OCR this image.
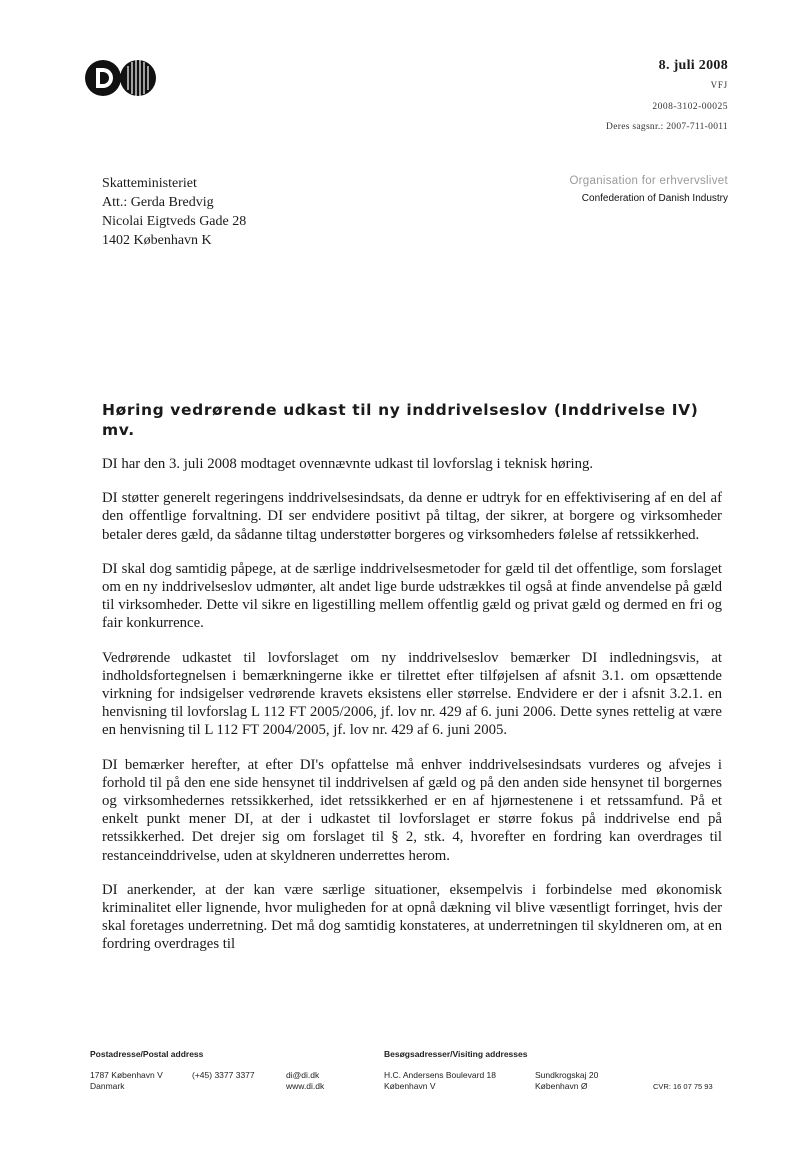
8. juli 2008
VFJ
2008-3102-00025
Deres sagsnr.: 2007-711-0011
Skatteministeriet
Att.: Gerda Bredvig
Nicolai Eigtveds Gade 28
1402 København K
Organisation for erhvervslivet
Confederation of Danish Industry
Høring vedrørende udkast til ny inddrivelseslov (Inddrivelse IV) mv.

DI har den 3. juli 2008 modtaget ovennævnte udkast til lovforslag i teknisk høring.

DI støtter generelt regeringens inddrivelsesindsats, da denne er udtryk for en effektivisering af en del af den offentlige forvaltning. DI ser endvidere positivt på tiltag, der sikrer, at borgere og virksomheder betaler deres gæld, da sådanne tiltag understøtter borgeres og virksomheders følelse af retssikkerhed.

DI skal dog samtidig påpege, at de særlige inddrivelsesmetoder for gæld til det offentlige, som forslaget om en ny inddrivelseslov udmønter, alt andet lige burde udstrækkes til også at finde anvendelse på gæld til virksomheder. Dette vil sikre en ligestilling mellem offentlig gæld og privat gæld og dermed en fri og fair konkurrence.

Vedrørende udkastet til lovforslaget om ny inddrivelseslov bemærker DI indledningsvis, at indholdsfortegnelsen i bemærkningerne ikke er tilrettet efter tilføjelsen af afsnit 3.1. om opsættende virkning for indsigelser vedrørende kravets eksistens eller størrelse. Endvidere er der i afsnit 3.2.1. en henvisning til lovforslag L 112 FT 2005/2006, jf. lov nr. 429 af 6. juni 2006. Dette synes rettelig at være en henvisning til L 112 FT 2004/2005, jf. lov nr. 429 af 6. juni 2005.

DI bemærker herefter, at efter DI's opfattelse må enhver inddrivelsesindsats vurderes og afvejes i forhold til på den ene side hensynet til inddrivelsen af gæld og på den anden side hensynet til borgernes og virksomhedernes retssikkerhed, idet retssikkerhed er en af hjørnestenene i et retssamfund. På et enkelt punkt mener DI, at der i udkastet til lovforslaget er større fokus på inddrivelse end på retssikkerhed. Det drejer sig om forslaget til § 2, stk. 4, hvorefter en fordring kan overdrages til restanceinddrivelse, uden at skyldneren underrettes herom.

DI anerkender, at der kan være særlige situationer, eksempelvis i forbindelse med økonomisk kriminalitet eller lignende, hvor muligheden for at opnå dækning vil blive væsentligt forringet, hvis der skal foretages underretning. Det må dog samtidig konstateres, at underretningen til skyldneren om, at en fordring overdrages til

Postadresse/Postal address	Besøgsadresser/Visiting addresses
1787 København V
Danmark
(+45) 3377 3377	di@di.dk
www.di.dk
H.C. Andersens Boulevard 18
København V
Sundkrogskaj 20
København Ø	CVR: 16 07 75 93
